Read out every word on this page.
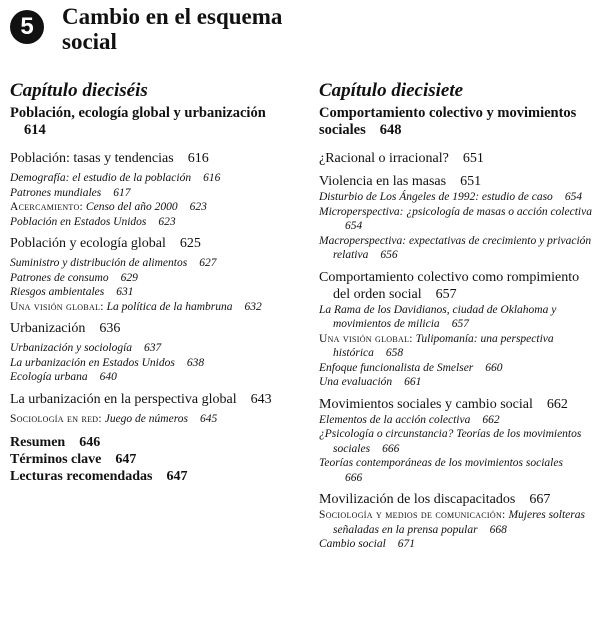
5	Cambio en el esquema social
Capítulo dieciséis
Población, ecología global y urbanización614
Población: tasas y tendencias 616
Demografía: el estudio de la población 616
Patrones mundiales 617
Acercamiento: Censo del año 2000 623
Población en Estados Unidos 623
Población y ecología global 625
Suministro y distribución de alimentos 627
Patrones de consumo 629
Riesgos ambientales 631
Una visión global: La política de la hambruna 632
Urbanización 636
Urbanización y sociología 637
La urbanización en Estados Unidos 638
Ecología urbana 640
La urbanización en la perspectiva global 643
Sociología en red: Juego de números 645
Resumen 646
Términos clave 647
Lecturas recomendadas 647
Capítulo diecisiete
Comportamiento colectivo y movimientos sociales 648
¿Racional o irracional? 651
Violencia en las masas 651
Disturbio de Los Ángeles de 1992: estudio de caso 654
Microperspectiva: ¿psicología de masas o acción colectiva654
Macroperspectiva: expectativas de crecimiento y privación relativa 656
Comportamiento colectivo como rompimiento del orden social 657
La Rama de los Davidianos, ciudad de Oklahoma y movimientos de milicia 657
Una visión global: Tulipomanía: una perspectiva histórica 658
Enfoque funcionalista de Smelser 660
Una evaluación 661
Movimientos sociales y cambio social 662
Elementos de la acción colectiva 662
¿Psicología o circunstancia? Teorías de los movimientos sociales 666
Teorías contemporáneas de los movimientos sociales666
Movilización de los discapacitados 667
Sociología y medios de comunicación: Mujeres solteras señaladas en la prensa popular 668
Cambio social 671
